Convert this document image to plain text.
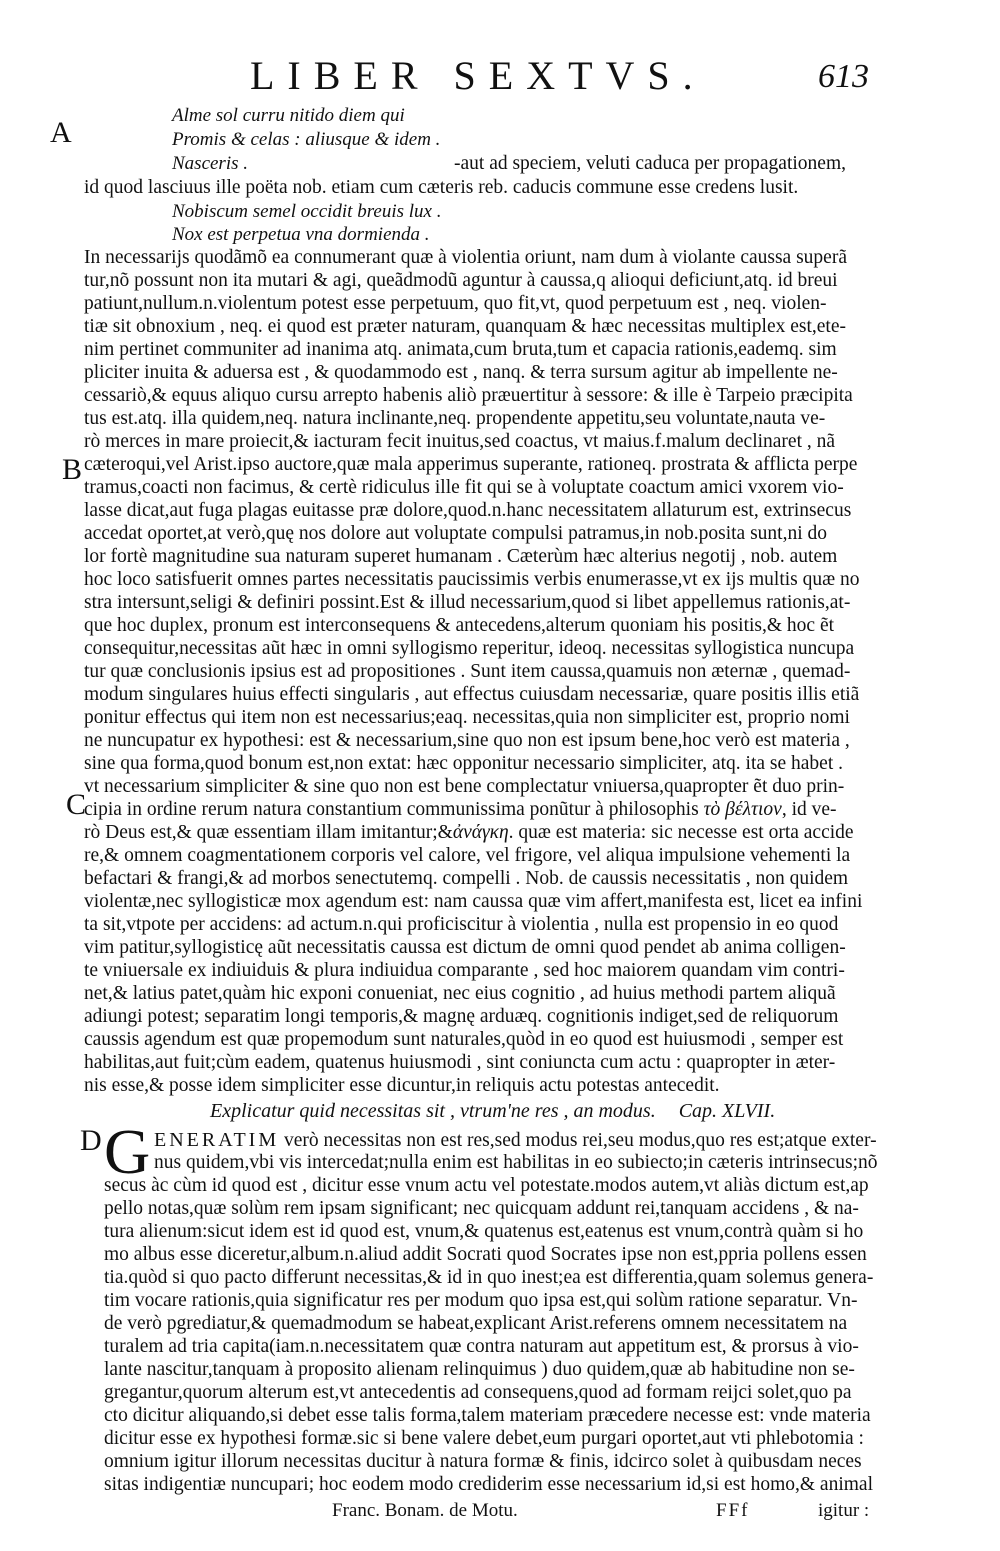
LIBER SEXTVS.	613
A
B
C
D
Alme sol curru nitido diem qui
Promis & celas : aliusque & idem .
Nasceris .	-aut ad speciem, veluti caduca per propagationem,
id quod lasciuus ille poëta nob. etiam cum cæteris reb. caducis commune esse credens lusit.
Nobiscum semel occidit breuis lux .
Nox est perpetua vna dormienda .
In necessarijs quodãmõ ea connumerant quæ à violentia oriunt, nam dum à violante caussa superã
tur,nõ possunt non ita mutari & agi, queãdmodũ aguntur à caussa,q alioqui deficiunt,atq. id breui
patiunt,nullum.n.violentum potest esse perpetuum, quo fit,vt, quod perpetuum est , neq. violen-
tiæ sit obnoxium , neq. ei quod est præter naturam, quanquam & hæc necessitas multiplex est,ete-
nim pertinet communiter ad inanima atq. animata,cum bruta,tum et capacia rationis,eademq. sim
pliciter inuita & aduersa est , & quodammodo est , nanq. & terra sursum agitur ab impellente ne-
cessariò,& equus aliquo cursu arrepto habenis aliò præuertitur à sessore: & ille è Tarpeio præcipita
tus est.atq. illa quidem,neq. natura inclinante,neq. propendente appetitu,seu voluntate,nauta ve-
rò merces in mare proiecit,& iacturam fecit inuitus,sed coactus, vt maius.f.malum declinaret , nã
cæteroqui,vel Arist.ipso auctore,quæ mala apperimus superante, rationeq. prostrata & afflicta perpe
tramus,coacti non facimus, & certè ridiculus ille fit qui se à voluptate coactum amici vxorem vio-
lasse dicat,aut fuga plagas euitasse præ dolore,quod.n.hanc necessitatem allaturum est, extrinsecus
accedat oportet,at verò,quę nos dolore aut voluptate compulsi patramus,in nob.posita sunt,ni do
lor fortè magnitudine sua naturam superet humanam . Cæterùm hæc alterius negotij , nob. autem
hoc loco satisfuerit omnes partes necessitatis paucissimis verbis enumerasse,vt ex ijs multis quæ no
stra intersunt,seligi & definiri possint.Est & illud necessarium,quod si libet appellemus rationis,at-
que hoc duplex, pronum est interconsequens & antecedens,alterum quoniam his positis,& hoc ẽt
consequitur,necessitas aũt hæc in omni syllogismo reperitur, ideoq. necessitas syllogistica nuncupa
tur quæ conclusionis ipsius est ad propositiones . Sunt item caussa,quamuis non æternæ , quemad-
modum singulares huius effecti singularis , aut effectus cuiusdam necessariæ, quare positis illis etiã
ponitur effectus qui item non est necessarius;eaq. necessitas,quia non simpliciter est, proprio nomi
ne nuncupatur ex hypothesi: est & necessarium,sine quo non est ipsum bene,hoc verò est materia ,
sine qua forma,quod bonum est,non extat: hæc opponitur necessario simpliciter, atq. ita se habet .
vt necessarium simpliciter & sine quo non est bene complectatur vniuersa,quapropter ẽt duo prin-
cipia in ordine rerum natura constantium communissima ponũtur à philosophis τὸ βέλτιον, id ve-
rò Deus est,& quæ essentiam illam imitantur;&ἀνάγκη. quæ est materia: sic necesse est orta accide
re,& omnem coagmentationem corporis vel calore, vel frigore, vel aliqua impulsione vehementi la
befactari & frangi,& ad morbos senectutemq. compelli . Nob. de caussis necessitatis , non quidem
violentæ,nec syllogisticæ mox agendum est: nam caussa quæ vim affert,manifesta est, licet ea infini
ta sit,vtpote per accidens: ad actum.n.qui proficiscitur à violentia , nulla est propensio in eo quod
vim patitur,syllogisticę aũt necessitatis caussa est dictum de omni quod pendet ab anima colligen-
te vniuersale ex indiuiduis & plura indiuidua comparante , sed hoc maiorem quandam vim contri-
net,& latius patet,quàm hic exponi conueniat, nec eius cognitio , ad huius methodi partem aliquã
adiungi potest; separatim longi temporis,& magnę arduæq. cognitionis indiget,sed de reliquorum
caussis agendum est quæ propemodum sunt naturales,quòd in eo quod est huiusmodi , semper est
habilitas,aut fuit;cùm eadem, quatenus huiusmodi , sint coniuncta cum actu : quapropter in æter-
nis esse,& posse idem simpliciter esse dicuntur,in reliquis actu potestas antecedit.
Explicatur quid necessitas sit , vtrum'ne res , an modus. Cap. XLVII.
G ENERATIM verò necessitas non est res,sed modus rei,seu modus,quo res est;atque exter-
nus quidem,vbi vis intercedat;nulla enim est habilitas in eo subiecto;in cæteris intrinsecus;nõ
secus àc cùm id quod est , dicitur esse vnum actu vel potestate.modos autem,vt aliàs dictum est,ap
pello notas,quæ solùm rem ipsam significant; nec quicquam addunt rei,tanquam accidens , & na-
tura alienum:sicut idem est id quod est, vnum,& quatenus est,eatenus est vnum,contrà quàm si ho
mo albus esse diceretur,album.n.aliud addit Socrati quod Socrates ipse non est,ppria pollens essen
tia.quòd si quo pacto differunt necessitas,& id in quo inest;ea est differentia,quam solemus genera-
tim vocare rationis,quia significatur res per modum quo ipsa est,qui solùm ratione separatur. Vn-
de verò pgrediatur,& quemadmodum se habeat,explicant Arist.referens omnem necessitatem na
turalem ad tria capita(iam.n.necessitatem quæ contra naturam aut appetitum est, & prorsus à vio-
lante nascitur,tanquam à proposito alienam relinquimus ) duo quidem,quæ ab habitudine non se-
gregantur,quorum alterum est,vt antecedentis ad consequens,quod ad formam reijci solet,quo pa
cto dicitur aliquando,si debet esse talis forma,talem materiam præcedere necesse est: vnde materia
dicitur esse ex hypothesi formæ.sic si bene valere debet,eum purgari oportet,aut vti phlebotomia :
omnium igitur illorum necessitas ducitur à natura formæ & finis, idcirco solet à quibusdam neces
sitas indigentiæ nuncupari; hoc eodem modo crediderim esse necessarium id,si est homo,& animal
Franc. Bonam. de Motu.	FFf	igitur :
